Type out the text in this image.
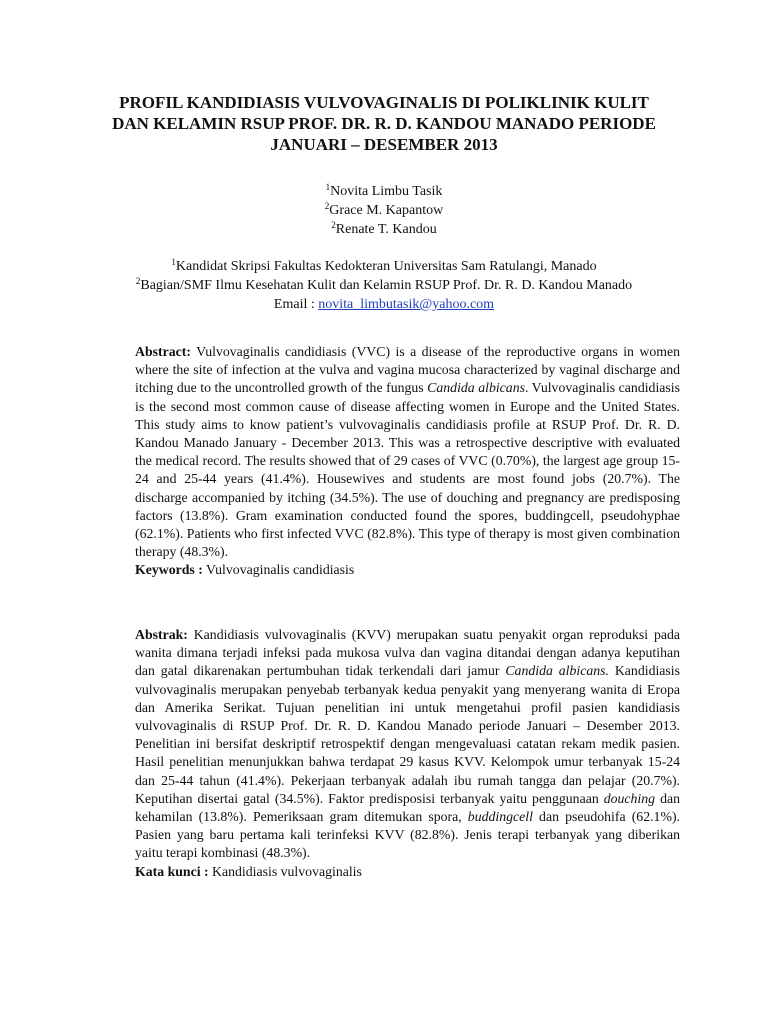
PROFIL KANDIDIASIS VULVOVAGINALIS DI POLIKLINIK KULIT
DAN KELAMIN RSUP PROF. DR. R. D. KANDOU MANADO PERIODE
JANUARI – DESEMBER 2013
$^1$Novita Limbu Tasik
$^2$Grace M. Kapantow
$^2$Renate T. Kandou
$^1$Kandidat Skripsi Fakultas Kedokteran Universitas Sam Ratulangi, Manado
$^2$Bagian/SMF Ilmu Kesehatan Kulit dan Kelamin RSUP Prof. Dr. R. D. Kandou Manado
Email : novita_limbutasik@yahoo.com

Abstract: Vulvovaginalis candidiasis (VVC) is a disease of the reproductive organs in women where the site of infection at the vulva and vagina mucosa characterized by vaginal discharge and itching due to the uncontrolled growth of the fungus Candida albicans. Vulvovaginalis candidiasis is the second most common cause of disease affecting women in Europe and the United States. This study aims to know patient’s vulvovaginalis candidiasis profile at RSUP Prof. Dr. R. D. Kandou Manado January - December 2013. This was a retrospective descriptive with evaluated the medical record. The results showed that of 29 cases of VVC (0.70%), the largest age group 15-24 and 25-44 years (41.4%). Housewives and students are most found jobs (20.7%). The discharge accompanied by itching (34.5%). The use of douching and pregnancy are predisposing factors (13.8%). Gram examination conducted found the spores, buddingcell, pseudohyphae (62.1%). Patients who first infected VVC (82.8%). This type of therapy is most given combination therapy (48.3%).

Keywords : Vulvovaginalis candidiasis

Abstrak: Kandidiasis vulvovaginalis (KVV) merupakan suatu penyakit organ reproduksi pada wanita dimana terjadi infeksi pada mukosa vulva dan vagina ditandai dengan adanya keputihan dan gatal dikarenakan pertumbuhan tidak terkendali dari jamur Candida albicans. Kandidiasis vulvovaginalis merupakan penyebab terbanyak kedua penyakit yang menyerang wanita di Eropa dan Amerika Serikat. Tujuan penelitian ini untuk mengetahui profil pasien kandidiasis vulvovaginalis di RSUP Prof. Dr. R. D. Kandou Manado periode Januari – Desember 2013. Penelitian ini bersifat deskriptif retrospektif dengan mengevaluasi catatan rekam medik pasien. Hasil penelitian menunjukkan bahwa terdapat 29 kasus KVV. Kelompok umur terbanyak 15-24 dan 25-44 tahun (41.4%). Pekerjaan terbanyak adalah ibu rumah tangga dan pelajar (20.7%). Keputihan disertai gatal (34.5%). Faktor predisposisi terbanyak yaitu penggunaan douching dan kehamilan (13.8%). Pemeriksaan gram ditemukan spora, buddingcell dan pseudohifa (62.1%). Pasien yang baru pertama kali terinfeksi KVV (82.8%). Jenis terapi terbanyak yang diberikan yaitu terapi kombinasi (48.3%).

Kata kunci : Kandidiasis vulvovaginalis
